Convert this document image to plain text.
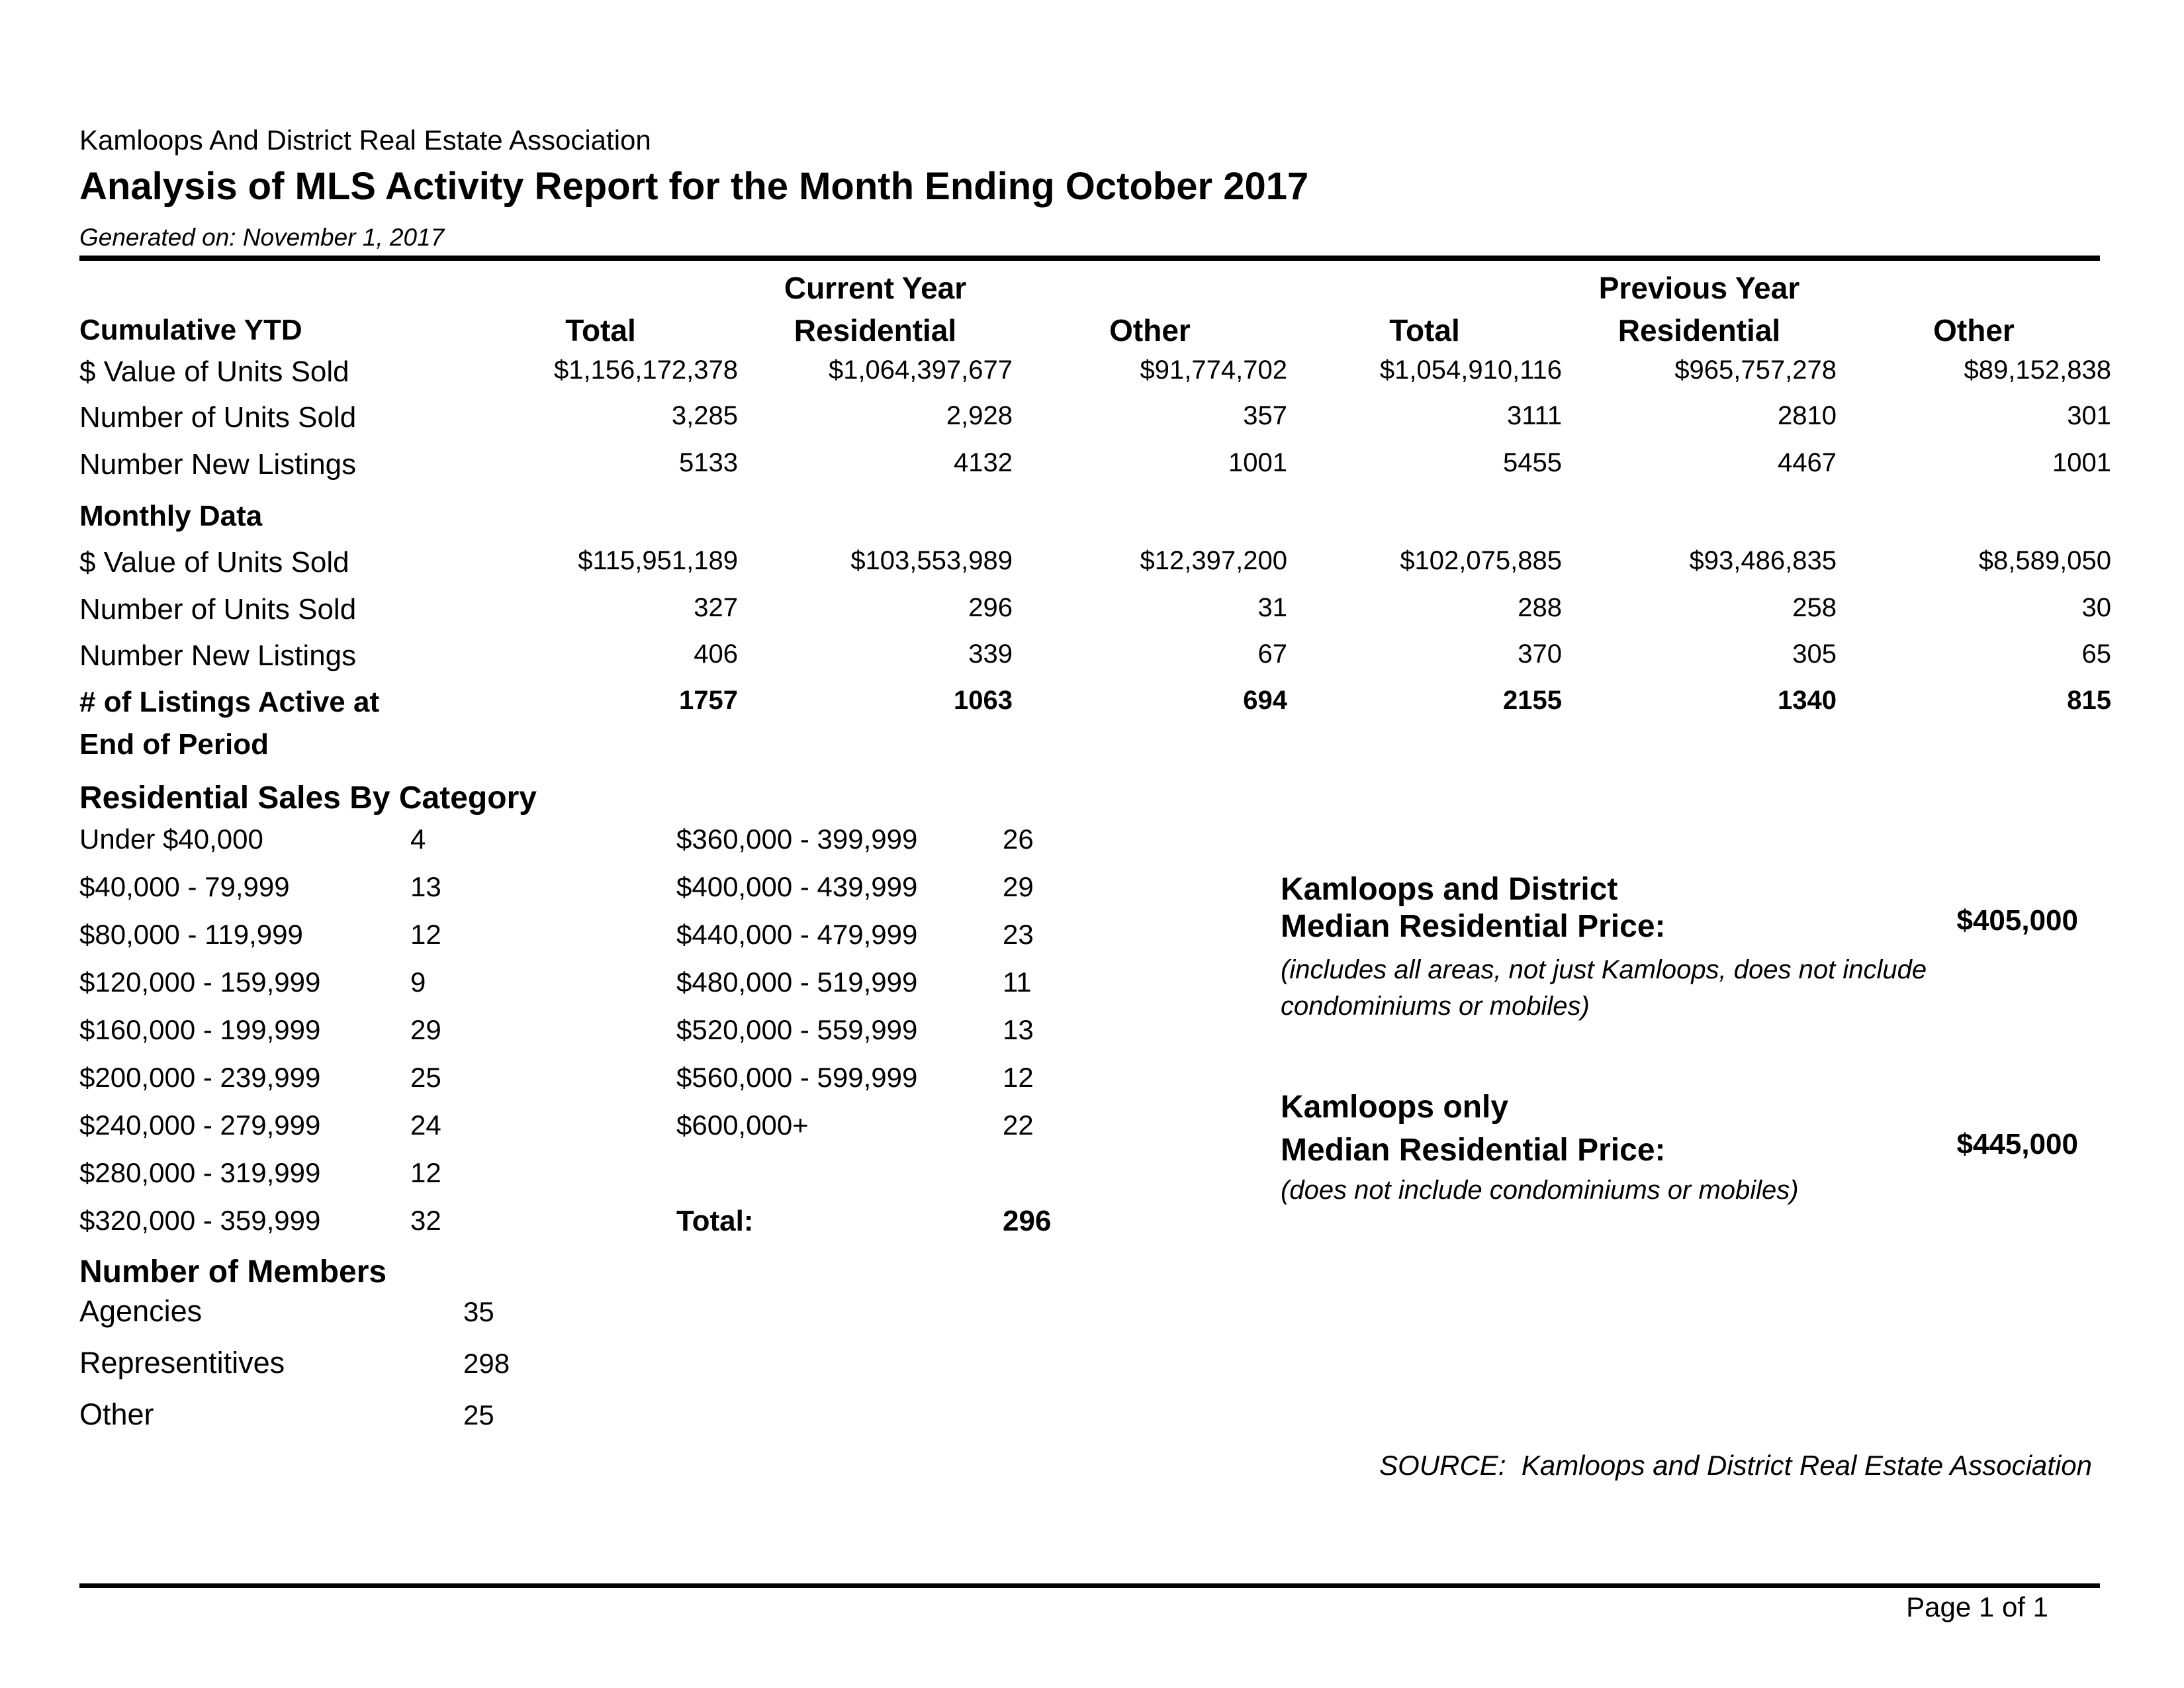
Kamloops And District Real Estate Association
Analysis of MLS Activity Report for the Month Ending October 2017
Generated on: November 1, 2017
Current Year	Previous Year
Cumulative YTD	Total	Residential	Other	Total	Residential	Other
$ Value of Units Sold	$1,156,172,378	$1,064,397,677	$91,774,702	$1,054,910,116	$965,757,278	$89,152,838
Number of Units Sold	3,285	2,928	357	3111	2810	301
Number New Listings	5133	4132	1001	5455	4467	1001
Monthly Data
$ Value of Units Sold	$115,951,189	$103,553,989	$12,397,200	$102,075,885	$93,486,835	$8,589,050
Number of Units Sold	327	296	31	288	258	30
Number New Listings	406	339	67	370	305	65
# of Listings Active at	1757	1063	694	2155	1340	815
End of Period
Residential Sales By Category
Under $40,000	4	$360,000 - 399,999	26
$40,000 - 79,999	13	$400,000 - 439,999	29
$80,000 - 119,999	12	$440,000 - 479,999	23
$120,000 - 159,999	9	$480,000 - 519,999	11
$160,000 - 199,999	29	$520,000 - 559,999	13
$200,000 - 239,999	25	$560,000 - 599,999	12
$240,000 - 279,999	24	$600,000+	22
$280,000 - 319,999	12
$320,000 - 359,999	32	Total:	296
Kamloops and District
Median Residential Price:	$405,000
(includes all areas, not just Kamloops, does not include condominiums or mobiles)
Kamloops only
Median Residential Price:	$445,000
(does not include condominiums or mobiles)
Number of Members
Agencies	35
Representitives	298
Other	25
SOURCE:  Kamloops and District Real Estate Association
Page 1 of 1
